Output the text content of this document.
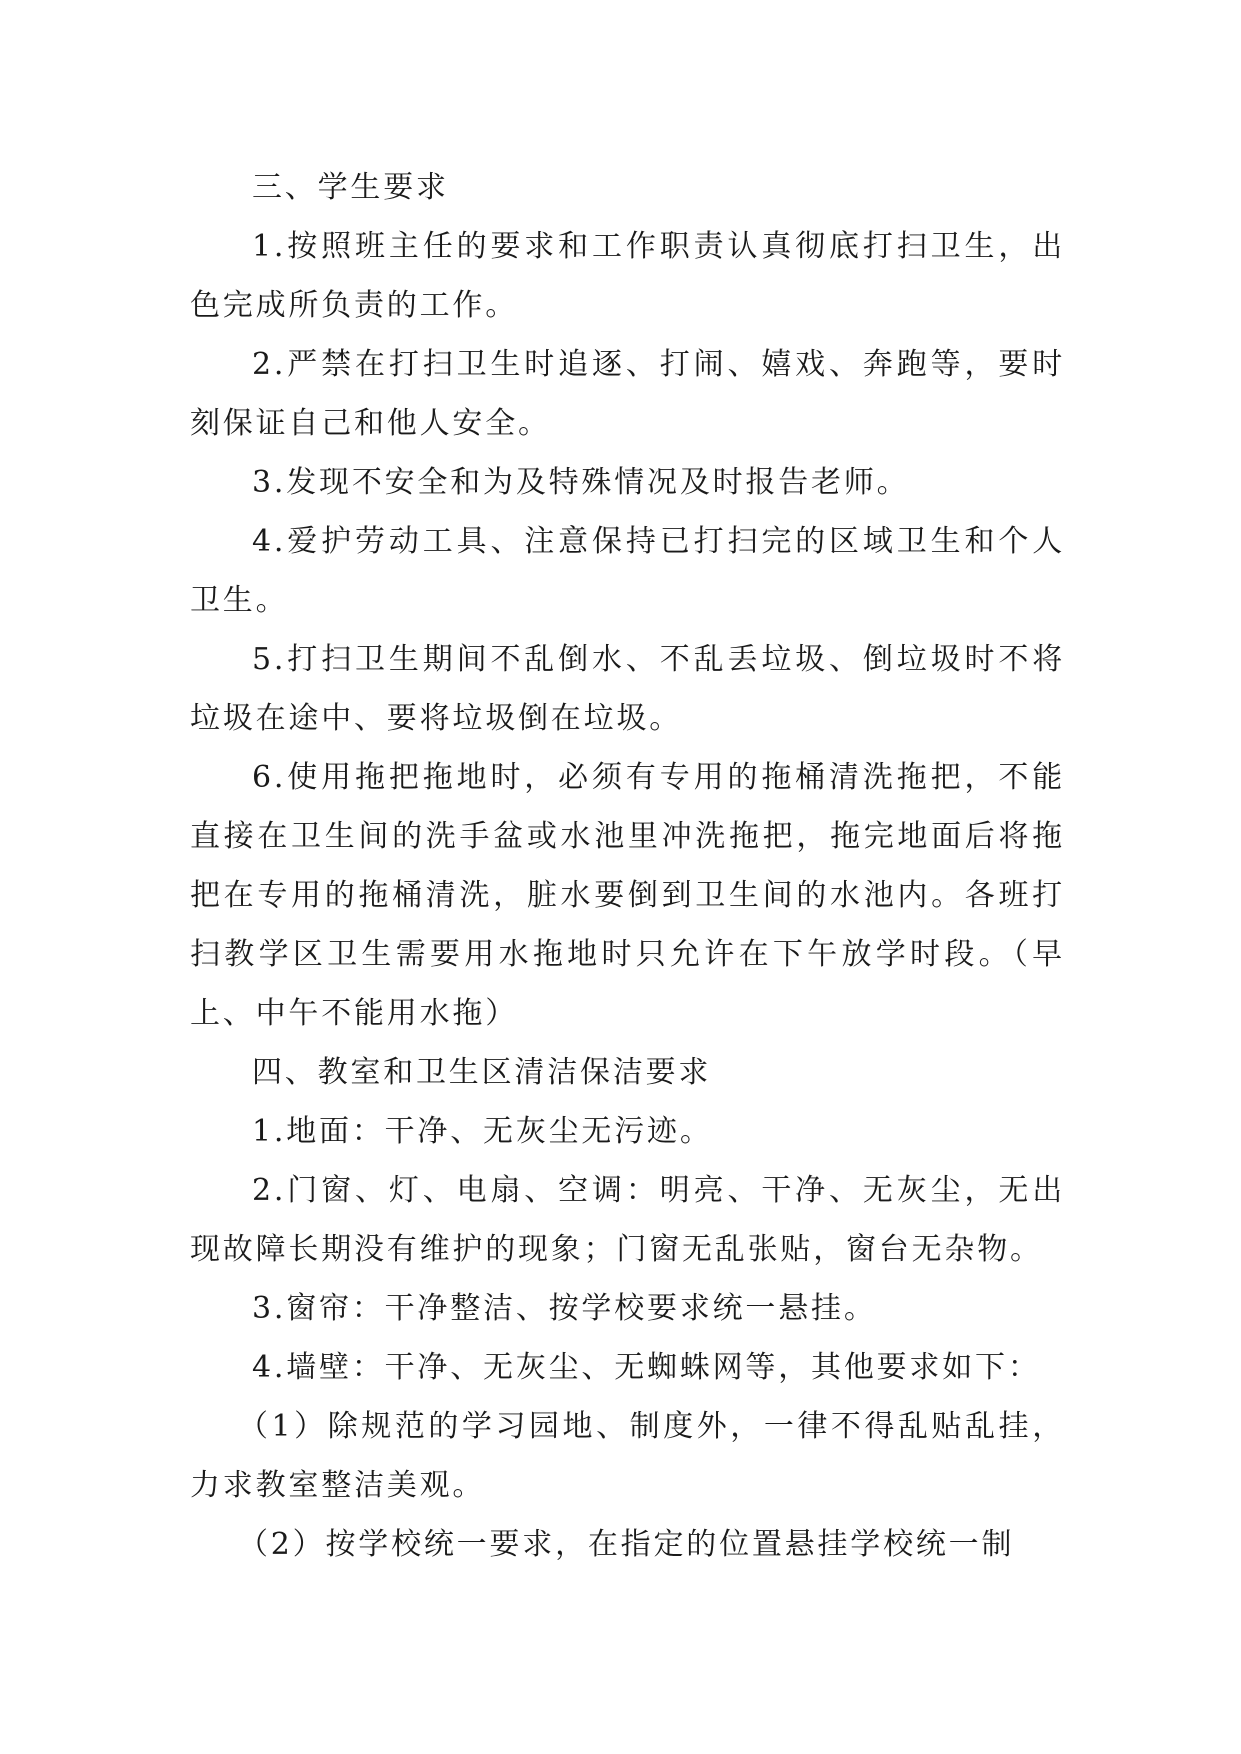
三、学生要求

1.按照班主任的要求和工作职责认真彻底打扫卫生，出色完成所负责的工作。

2.严禁在打扫卫生时追逐、打闹、嬉戏、奔跑等，要时刻保证自己和他人安全。

3.发现不安全和为及特殊情况及时报告老师。

4.爱护劳动工具、注意保持已打扫完的区域卫生和个人卫生。

5.打扫卫生期间不乱倒水、不乱丢垃圾、倒垃圾时不将垃圾在途中、要将垃圾倒在垃圾。

6.使用拖把拖地时，必须有专用的拖桶清洗拖把，不能直接在卫生间的洗手盆或水池里冲洗拖把，拖完地面后将拖把在专用的拖桶清洗，脏水要倒到卫生间的水池内。各班打扫教学区卫生需要用水拖地时只允许在下午放学时段。（早上、中午不能用水拖）

四、教室和卫生区清洁保洁要求

1.地面：干净、无灰尘无污迹。

2.门窗、灯、电扇、空调：明亮、干净、无灰尘，无出现故障长期没有维护的现象；门窗无乱张贴，窗台无杂物。

3.窗帘：干净整洁、按学校要求统一悬挂。

4.墙壁：干净、无灰尘、无蜘蛛网等，其他要求如下：

（1）除规范的学习园地、制度外，一律不得乱贴乱挂，力求教室整洁美观。

（2）按学校统一要求，在指定的位置悬挂学校统一制
